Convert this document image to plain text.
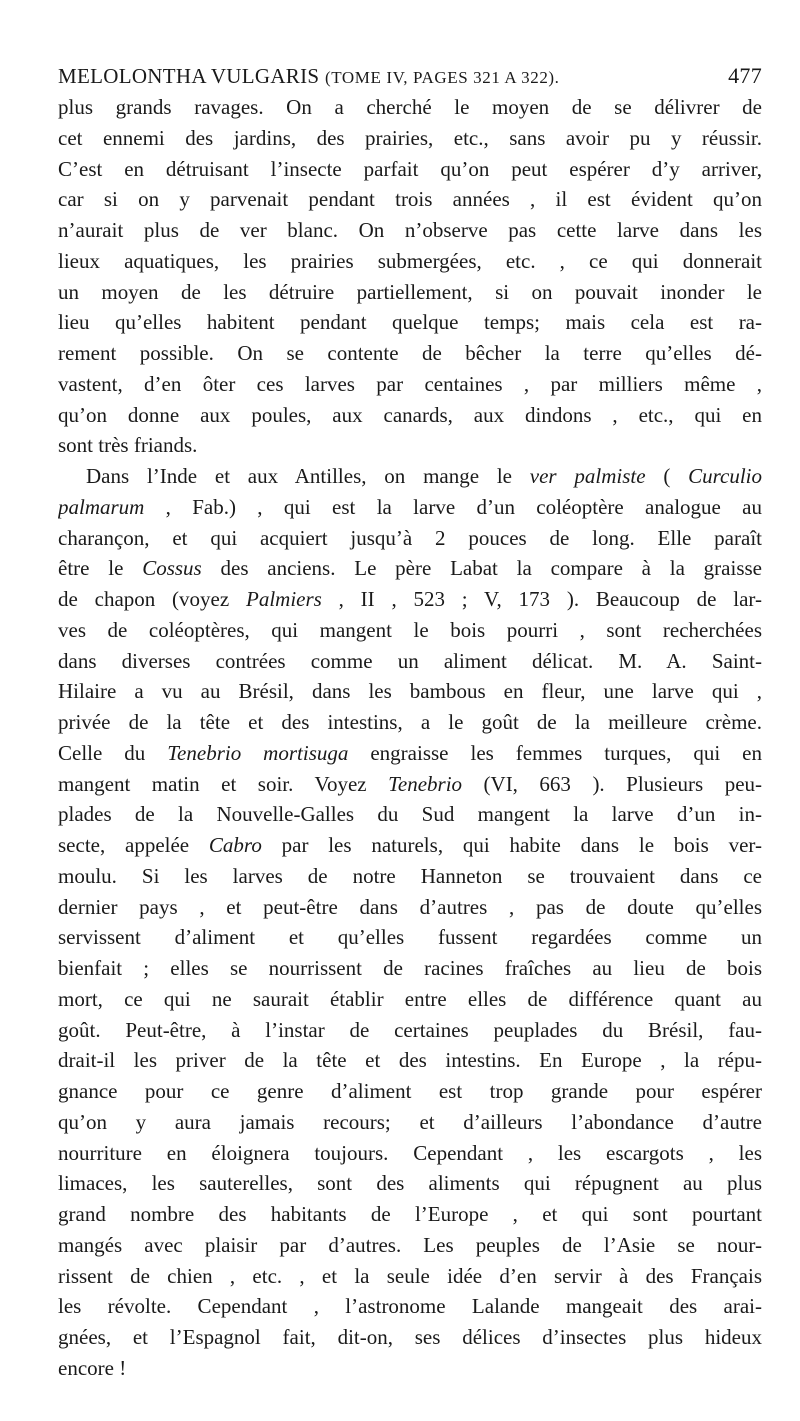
MELOLONTHA VULGARIS (TOME IV, PAGES 321 A 322).	477
plus grands ravages. On a cherché le moyen de se délivrer de
cet ennemi des jardins, des prairies, etc., sans avoir pu y réussir.
C’est en détruisant l’insecte parfait qu’on peut espérer d’y arriver,
car si on y parvenait pendant trois années , il est évident qu’on
n’aurait plus de ver blanc. On n’observe pas cette larve dans les
lieux aquatiques, les prairies submergées, etc. , ce qui donnerait
un moyen de les détruire partiellement, si on pouvait inonder le
lieu qu’elles habitent pendant quelque temps; mais cela est ra-
rement possible. On se contente de bêcher la terre qu’elles dé-
vastent, d’en ôter ces larves par centaines , par milliers même ,
qu’on donne aux poules, aux canards, aux dindons , etc., qui en
sont très friands.
Dans l’Inde et aux Antilles, on mange le ver palmiste ( Curculio
palmarum , Fab.) , qui est la larve d’un coléoptère analogue au
charançon, et qui acquiert jusqu’à 2 pouces de long. Elle paraît
être le Cossus des anciens. Le père Labat la compare à la graisse
de chapon (voyez Palmiers , II , 523 ; V, 173 ). Beaucoup de lar-
ves de coléoptères, qui mangent le bois pourri , sont recherchées
dans diverses contrées comme un aliment délicat. M. A. Saint-
Hilaire a vu au Brésil, dans les bambous en fleur, une larve qui ,
privée de la tête et des intestins, a le goût de la meilleure crème.
Celle du Tenebrio mortisuga engraisse les femmes turques, qui en
mangent matin et soir. Voyez Tenebrio (VI, 663 ). Plusieurs peu-
plades de la Nouvelle-Galles du Sud mangent la larve d’un in-
secte, appelée Cabro par les naturels, qui habite dans le bois ver-
moulu. Si les larves de notre Hanneton se trouvaient dans ce
dernier pays , et peut-être dans d’autres , pas de doute qu’elles
servissent d’aliment et qu’elles fussent regardées comme un
bienfait ; elles se nourrissent de racines fraîches au lieu de bois
mort, ce qui ne saurait établir entre elles de différence quant au
goût. Peut-être, à l’instar de certaines peuplades du Brésil, fau-
drait-il les priver de la tête et des intestins. En Europe , la répu-
gnance pour ce genre d’aliment est trop grande pour espérer
qu’on y aura jamais recours; et d’ailleurs l’abondance d’autre
nourriture en éloignera toujours. Cependant , les escargots , les
limaces, les sauterelles, sont des aliments qui répugnent au plus
grand nombre des habitants de l’Europe , et qui sont pourtant
mangés avec plaisir par d’autres. Les peuples de l’Asie se nour-
rissent de chien , etc. , et la seule idée d’en servir à des Français
les révolte. Cependant , l’astronome Lalande mangeait des arai-
gnées, et l’Espagnol fait, dit-on, ses délices d’insectes plus hideux
encore !
